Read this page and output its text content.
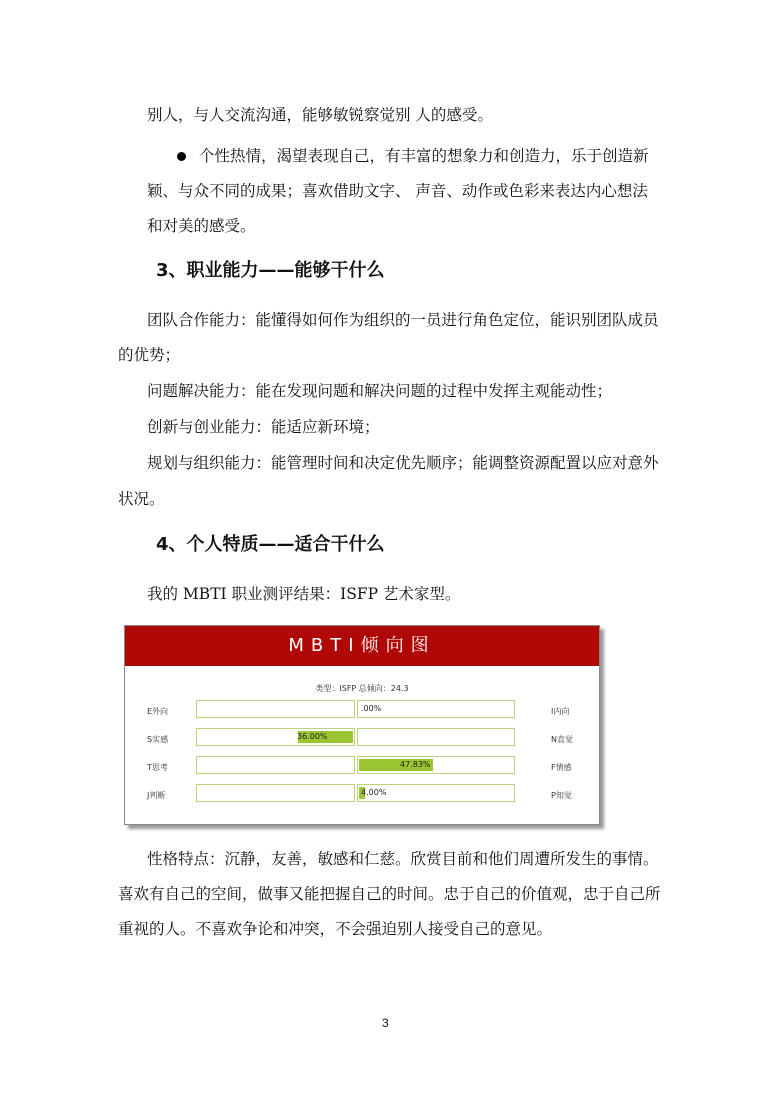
别人，与人交流沟通，能够敏锐察觉别 人的感受。
个性热情，渴望表现自己，有丰富的想象力和创造力，乐于创造新
颖、与众不同的成果；喜欢借助文字、 声音、动作或色彩来表达内心想法
和对美的感受。
3、职业能力——能够干什么
团队合作能力：能懂得如何作为组织的一员进行角色定位，能识别团队成员
的优势；
问题解决能力：能在发现问题和解决问题的过程中发挥主观能动性；
创新与创业能力：能适应新环境；
规划与组织能力：能管理时间和决定优先顺序；能调整资源配置以应对意外
状况。
4、个人特质——适合干什么
我的 MBTI 职业测评结果：ISFP 艺术家型。
MBTI倾向图
类型：ISFP 总倾向：24.3
E外向	.00%	I内向
S实感	36.00%	N直觉
T思考	47.83%	F情感
J判断	4.00%	P知觉
性格特点：沉静，友善，敏感和仁慈。欣赏目前和他们周遭所发生的事情。
喜欢有自己的空间，做事又能把握自己的时间。忠于自己的价值观，忠于自己所
重视的人。不喜欢争论和冲突，不会强迫别人接受自己的意见。
3
